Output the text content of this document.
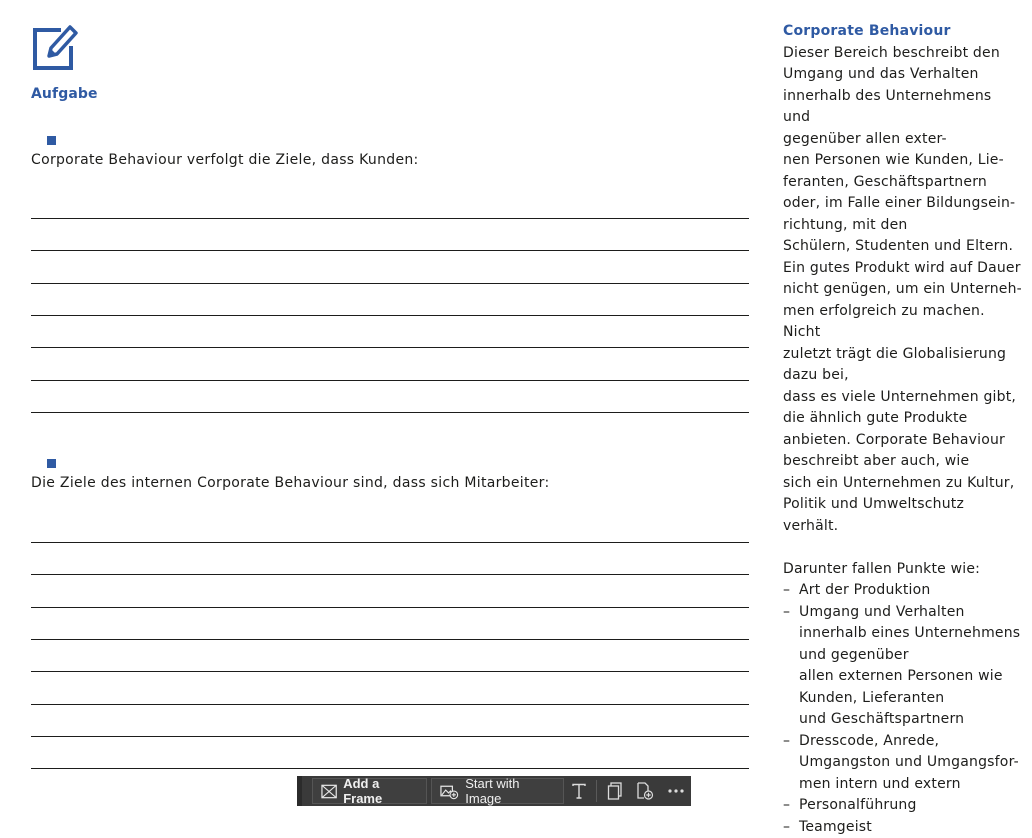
Aufgabe
Corporate Behaviour verfolgt die Ziele, dass Kunden:
Die Ziele des internen Corporate Behaviour sind, dass sich Mitarbeiter:
Corporate Behaviour
Dieser Bereich beschreibt den
Umgang und das Verhalten
innerhalb des Unternehmens und
gegenüber allen exter-
nen Personen wie Kunden, Lie-
feranten, Geschäftspartnern
oder, im Falle einer Bildungsein-
richtung, mit den
Schülern, Studenten und Eltern.
Ein gutes Produkt wird auf Dauer
nicht genügen, um ein Unterneh-
men erfolgreich zu machen. Nicht
zuletzt trägt die Globalisierung
dazu bei,
dass es viele Unternehmen gibt,
die ähnlich gute Produkte
anbieten. Corporate Behaviour
beschreibt aber auch, wie
sich ein Unternehmen zu Kultur,
Politik und Umweltschutz verhält.
Darunter fallen Punkte wie:
– Art der Produktion
– Umgang und Verhalten
innerhalb eines Unternehmens
und gegenüber
allen externen Personen wie
Kunden, Lieferanten
und Geschäftspartnern
– Dresscode, Anrede,
Umgangston und Umgangsfor-
men intern und extern
– Personalführung
– Teamgeist
Add a Frame
Start with Image
